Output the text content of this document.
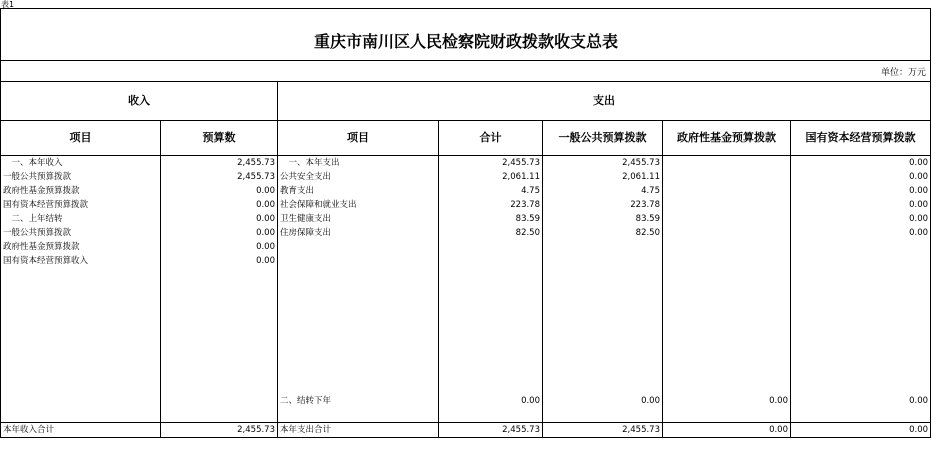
表1
重庆市南川区人民检察院财政拨款收支总表
单位：万元
收入		支出				
项目	预算数	项目	合计	一般公共预算拨款	政府性基金预算拨款	国有资本经营预算拨款
　一、本年收入	2,455.73	　一、本年支出	2,455.73	2,455.73		0.00
一般公共预算拨款	2,455.73	公共安全支出	2,061.11	2,061.11		0.00
政府性基金预算拨款	0.00	教育支出	4.75	4.75		0.00
国有资本经营预算拨款	0.00	社会保障和就业支出	223.78	223.78		0.00
　二、上年结转	0.00	卫生健康支出	83.59	83.59		0.00
一般公共预算拨款	0.00	住房保障支出	82.50	82.50		0.00
政府性基金预算拨款	0.00					
国有资本经营预算收入	0.00					

		二、结转下年	0.00	0.00	0.00	0.00

本年收入合计	2,455.73	本年支出合计	2,455.73	2,455.73	0.00	0.00
